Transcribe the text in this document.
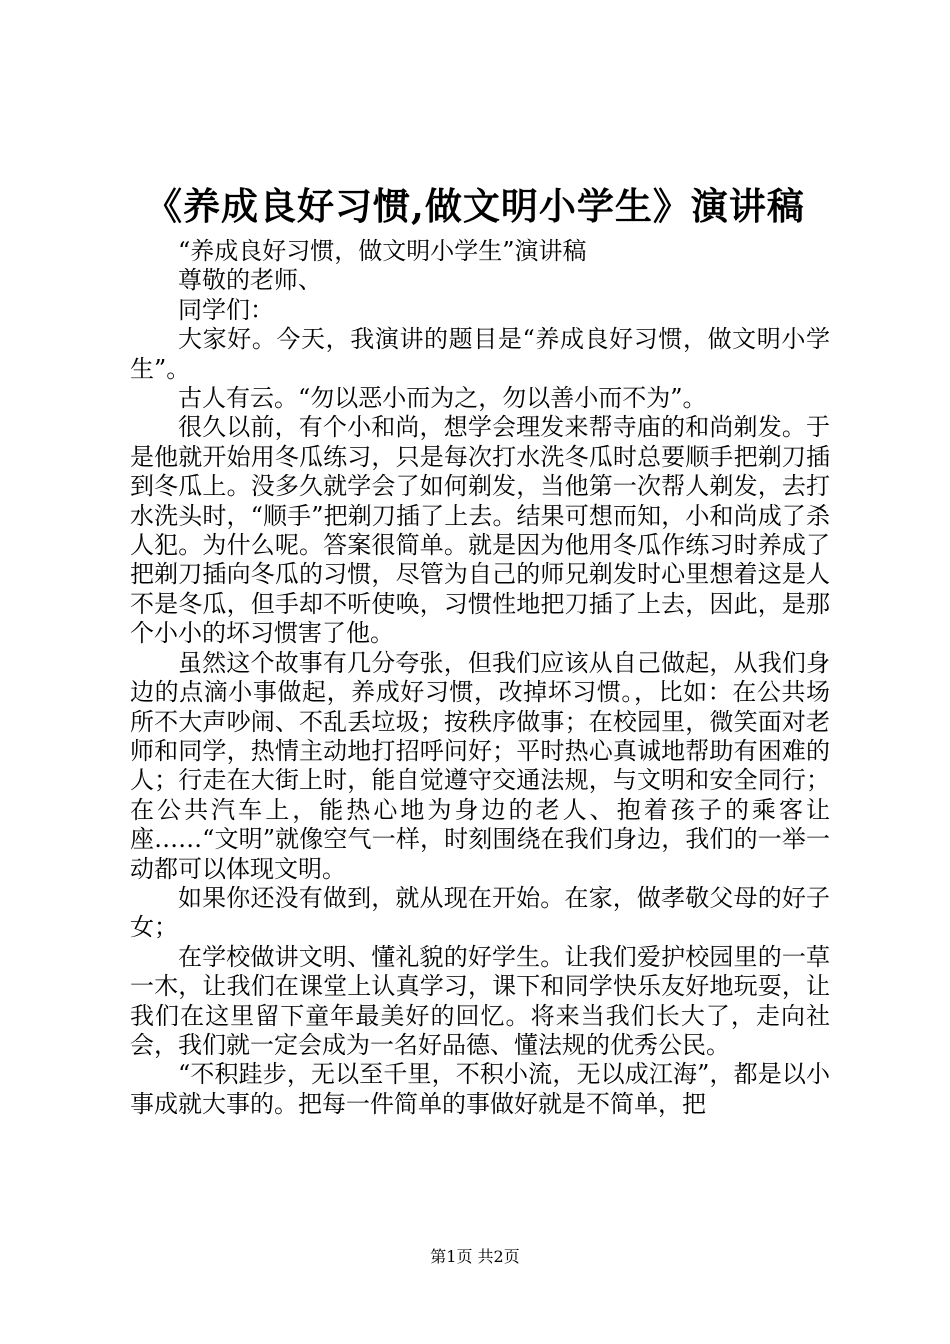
《养成良好习惯,做文明小学生》演讲稿

“养成良好习惯，做文明小学生”演讲稿

尊敬的老师、

同学们：

大家好。今天，我演讲的题目是“养成良好习惯，做文明小学生”。

古人有云。“勿以恶小而为之，勿以善小而不为”。

很久以前，有个小和尚，想学会理发来帮寺庙的和尚剃发。于是他就开始用冬瓜练习，只是每次打水洗冬瓜时总要顺手把剃刀插到冬瓜上。没多久就学会了如何剃发，当他第一次帮人剃发，去打水洗头时，“顺手”把剃刀插了上去。结果可想而知，小和尚成了杀人犯。为什么呢。答案很简单。就是因为他用冬瓜作练习时养成了把剃刀插向冬瓜的习惯，尽管为自己的师兄剃发时心里想着这是人不是冬瓜，但手却不听使唤，习惯性地把刀插了上去，因此，是那个小小的坏习惯害了他。

虽然这个故事有几分夸张，但我们应该从自己做起，从我们身边的点滴小事做起，养成好习惯，改掉坏习惯。，比如：在公共场所不大声吵闹、不乱丢垃圾；按秩序做事；在校园里，微笑面对老师和同学，热情主动地打招呼问好；平时热心真诚地帮助有困难的人；行走在大街上时，能自觉遵守交通法规，与文明和安全同行；在公共汽车上，能热心地为身边的老人、抱着孩子的乘客让座……“文明”就像空气一样，时刻围绕在我们身边，我们的一举一动都可以体现文明。

如果你还没有做到，就从现在开始。在家，做孝敬父母的好子女；

在学校做讲文明、懂礼貌的好学生。让我们爱护校园里的一草一木，让我们在课堂上认真学习，课下和同学快乐友好地玩耍，让我们在这里留下童年最美好的回忆。将来当我们长大了，走向社会，我们就一定会成为一名好品德、懂法规的优秀公民。

“不积跬步，无以至千里，不积小流，无以成江海”，都是以小事成就大事的。把每一件简单的事做好就是不简单，把

第1页 共2页
